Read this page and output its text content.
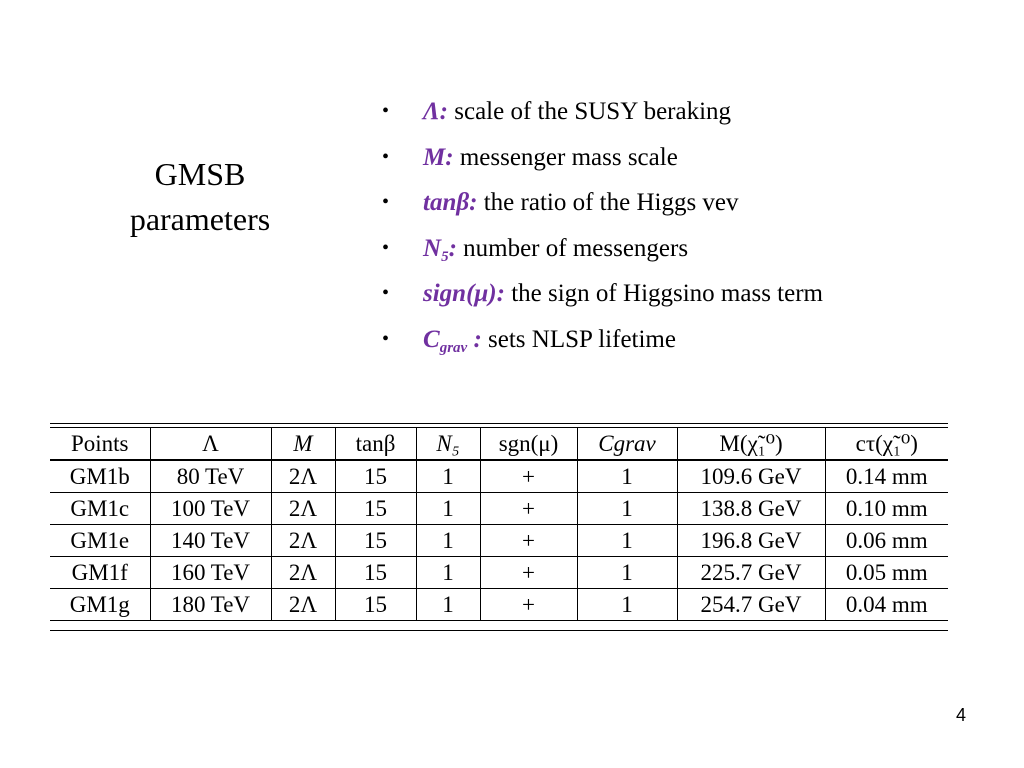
GMSB
parameters
• Λ: scale of the SUSY beraking
• M: messenger mass scale
• tanβ: the ratio of the Higgs vev
• $N_5$: number of messengers
• sign(μ): the sign of Higgsino mass term
• $C_{grav}$ : sets NLSP lifetime
Points	Λ	M	tanβ	N₅	sgn(μ)	Cgrav	M(χ̃₁⁰)	cτ(χ̃₁⁰)
GM1b	80 TeV	2Λ	15	1	+	1	109.6 GeV	0.14 mm
GM1c	100 TeV	2Λ	15	1	+	1	138.8 GeV	0.10 mm
GM1e	140 TeV	2Λ	15	1	+	1	196.8 GeV	0.06 mm
GM1f	160 TeV	2Λ	15	1	+	1	225.7 GeV	0.05 mm
GM1g	180 TeV	2Λ	15	1	+	1	254.7 GeV	0.04 mm
4
